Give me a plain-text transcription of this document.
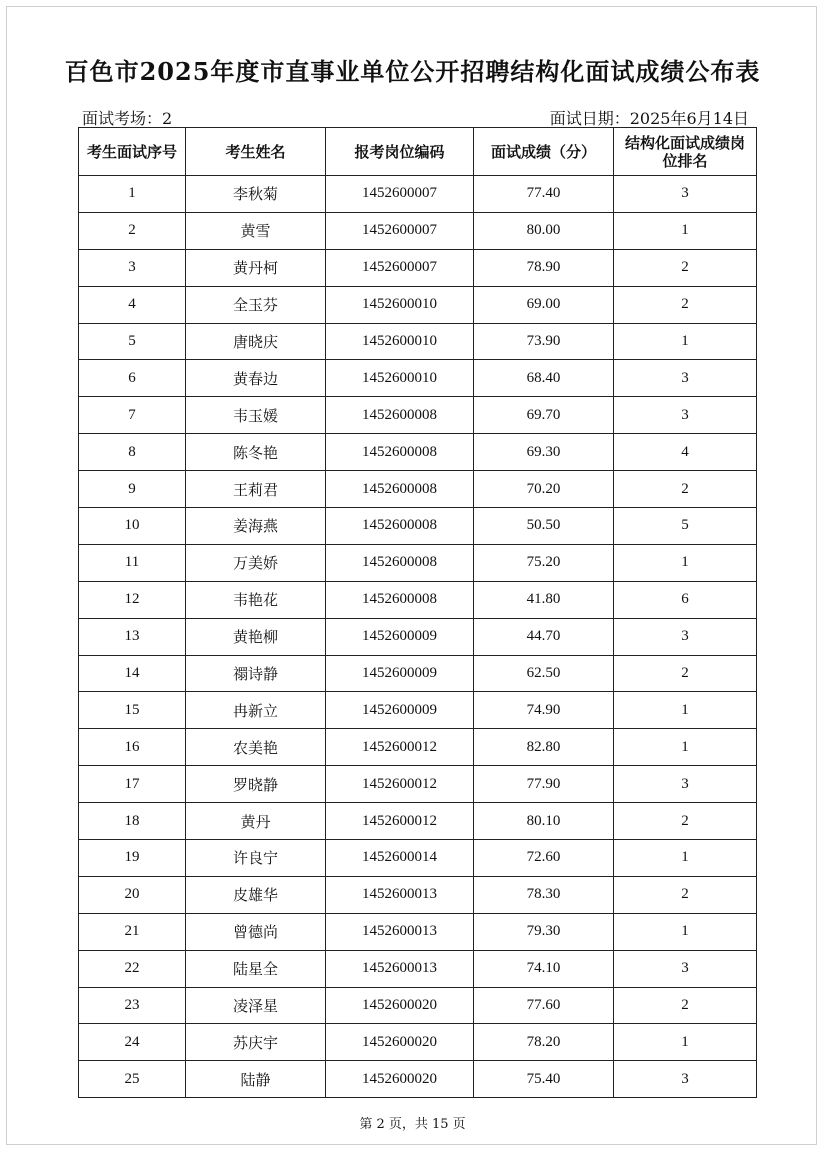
百色市2025年度市直事业单位公开招聘结构化面试成绩公布表
面试考场：2	面试日期：2025年6月14日
考生面试序号	考生姓名	报考岗位编码	面试成绩（分）	结构化面试成绩岗位排名
1	李秋菊	1452600007	77.40	3
2	黄雪	1452600007	80.00	1
3	黄丹柯	1452600007	78.90	2
4	全玉芬	1452600010	69.00	2
5	唐晓庆	1452600010	73.90	1
6	黄春边	1452600010	68.40	3
7	韦玉媛	1452600008	69.70	3
8	陈冬艳	1452600008	69.30	4
9	王莉君	1452600008	70.20	2
10	姜海燕	1452600008	50.50	5
11	万美娇	1452600008	75.20	1
12	韦艳花	1452600008	41.80	6
13	黄艳柳	1452600009	44.70	3
14	禤诗静	1452600009	62.50	2
15	冉新立	1452600009	74.90	1
16	农美艳	1452600012	82.80	1
17	罗晓静	1452600012	77.90	3
18	黄丹	1452600012	80.10	2
19	许良宁	1452600014	72.60	1
20	皮雄华	1452600013	78.30	2
21	曾德尚	1452600013	79.30	1
22	陆星全	1452600013	74.10	3
23	凌泽星	1452600020	77.60	2
24	苏庆宇	1452600020	78.20	1
25	陆静	1452600020	75.40	3
第 2 页，共 15 页
